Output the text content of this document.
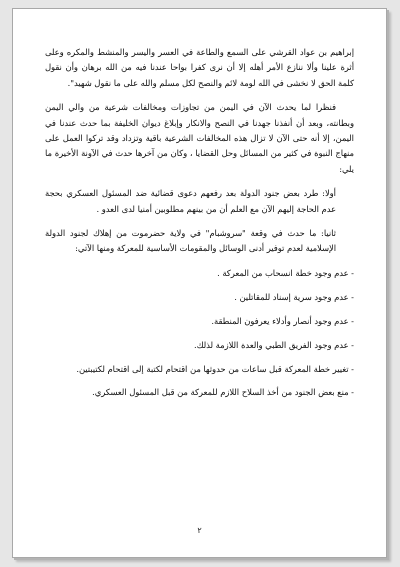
إبراهيم بن عواد القرشي على السمع والطاعة في العسر واليسر والمنشط والمكره وعلى أثرة علينا وألا ننازع الأمر أهله إلا أن نرى كفرا بواحا عندنا فيه من الله برهان وأن نقول كلمة الحق لا نخشى في الله لومة لائم والنصح لكل مسلم والله على ما نقول شهيد".

فنظرا لما يحدث الآن في اليمن من تجاوزات ومخالفات شرعية من والي اليمن وبطانته، وبعد أن أنفذنا جهدنا في النصح والانكار وإبلاغ ديوان الخليفة بما حدث عندنا في اليمن، إلا أنه حتى الآن لا تزال هذه المخالفات الشرعية باقية وتزداد وقد تركوا العمل على منهاج النبوة في كثير من المسائل وحل القضايا ، وكان من آخرها حدث في الآونة الأخيرة ما يلي:

أولا: طرد بعض جنود الدولة بعد رفعهم دعوى قضائية ضد المسئول العسكري بحجة عدم الحاجة إليهم الآن مع العلم أن من بينهم مطلوبين أمنيا لدى العدو .

ثانيا: ما حدث في وقعة "سروشبام" في ولاية حضرموت من إهلاك لجنود الدولة الإسلامية لعدم توفير أدنى الوسائل والمقومات الأساسية للمعركة ومنها الآتي:

- عدم وجود خطة انسحاب من المعركة .

- عدم وجود سرية إسناد للمقاتلين .

- عدم وجود أنصار وأدلاء يعرفون المنطقة.

- عدم وجود الفريق الطبي والعدة اللازمة لذلك.

- تغيير خطة المعركة قبل ساعات من حدوثها من اقتحام لكتبة إلى اقتحام لكتيبتين.

- منع بعض الجنود من أخذ السلاح اللازم للمعركة من قبل المسئول العسكري.

٢
